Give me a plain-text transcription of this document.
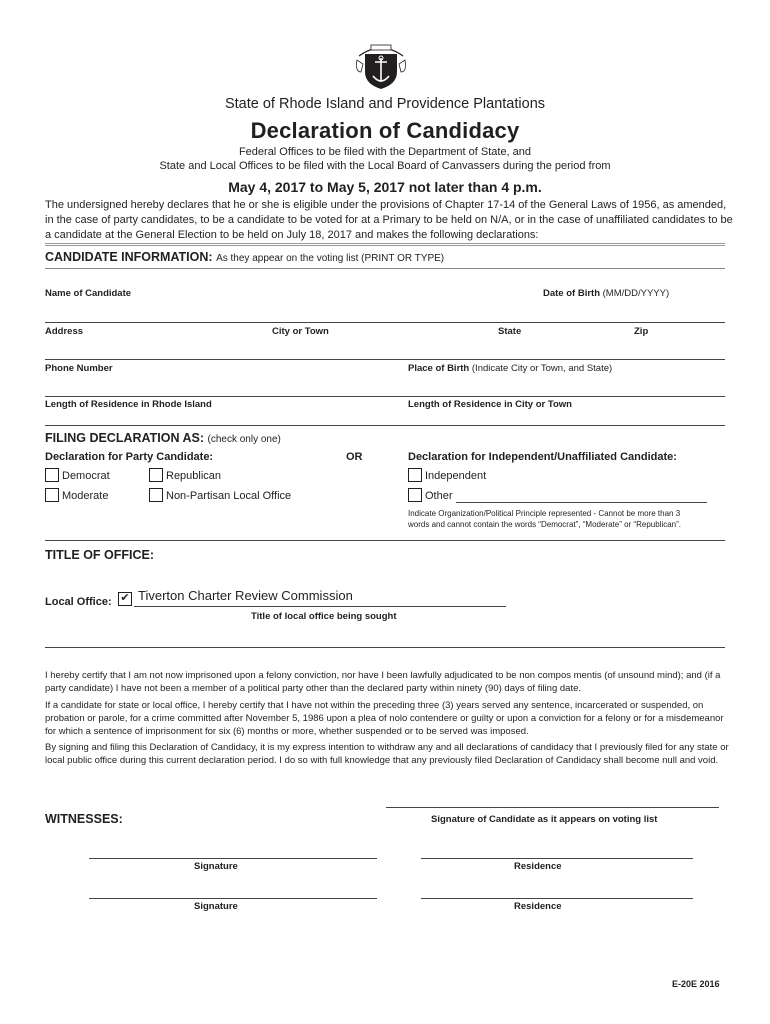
State of Rhode Island and Providence Plantations
Declaration of Candidacy
Federal Offices to be filed with the Department of State, and
State and Local Offices to be filed with the Local Board of Canvassers during the period from
May 4, 2017 to May 5, 2017 not later than 4 p.m.
The undersigned hereby declares that he or she is eligible under the provisions of Chapter 17-14 of the General Laws of 1956, as amended, in the case of party candidates, to be a candidate to be voted for at a Primary to be held on N/A, or in the case of unaffiliated candidates to be a candidate at the General Election to be held on July 18, 2017 and makes the following declarations:
CANDIDATE INFORMATION: As they appear on the voting list (PRINT OR TYPE)
Name of Candidate	Date of Birth (MM/DD/YYYY)
Address	City or Town	State	Zip
Phone Number	Place of Birth (Indicate City or Town, and State)
Length of Residence in Rhode Island	Length of Residence in City or Town
FILING DECLARATION AS: (check only one)
Declaration for Party Candidate:	OR	Declaration for Independent/Unaffiliated Candidate:
Democrat	Republican	Independent
Moderate	Non-Partisan Local Office	Other
Indicate Organization/Political Principle represented - Cannot be more than 3
words and cannot contain the words “Democrat”, “Moderate” or “Republican”.
TITLE OF OFFICE:
Local Office: ✔ Tiverton Charter Review Commission
Title of local office being sought
I hereby certify that I am not now imprisoned upon a felony conviction, nor have I been lawfully adjudicated to be non compos mentis (of unsound mind); and (if a party candidate) I have not been a member of a political party other than the declared party within ninety (90) days of filing date.
If a candidate for state or local office, I hereby certify that I have not within the preceding three (3) years served any sentence, incarcerated or suspended, on probation or parole, for a crime committed after November 5, 1986 upon a plea of nolo contendere or guilty or upon a conviction for a felony or for a misdemeanor for which a sentence of imprisonment for six (6) months or more, whether suspended or to be served was imposed.
By signing and filing this Declaration of Candidacy, it is my express intention to withdraw any and all declarations of candidacy that I previously filed for any state or local public office during this current declaration period. I do so with full knowledge that any previously filed Declaration of Candidacy shall become null and void.
WITNESSES:	Signature of Candidate as it appears on voting list
Signature	Residence
Signature	Residence
E-20E 2016
